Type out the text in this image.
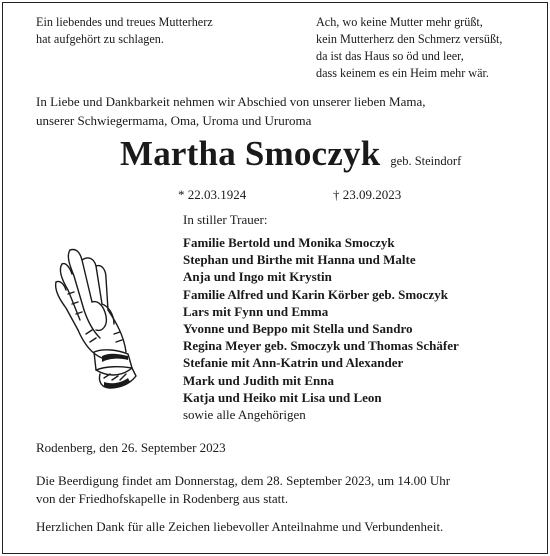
Ein liebendes und treues Mutterherz
hat aufgehört zu schlagen.
Ach, wo keine Mutter mehr grüßt,
kein Mutterherz den Schmerz versüßt,
da ist das Haus so öd und leer,
dass keinem es ein Heim mehr wär.
In Liebe und Dankbarkeit nehmen wir Abschied von unserer lieben Mama,
unserer Schwiegermama, Oma, Uroma und Ururoma
Martha Smoczyk geb. Steindorf
* 22.03.1924	† 23.09.2023
In stiller Trauer:
Familie Bertold und Monika Smoczyk
Stephan und Birthe mit Hanna und Malte
Anja und Ingo mit Krystin
Familie Alfred und Karin Körber geb. Smoczyk
Lars mit Fynn und Emma
Yvonne und Beppo mit Stella und Sandro
Regina Meyer geb. Smoczyk und Thomas Schäfer
Stefanie mit Ann-Katrin und Alexander
Mark und Judith mit Enna
Katja und Heiko mit Lisa und Leon
sowie alle Angehörigen
Rodenberg, den 26. September 2023
Die Beerdigung findet am Donnerstag, dem 28. September 2023, um 14.00 Uhr
von der Friedhofskapelle in Rodenberg aus statt.
Herzlichen Dank für alle Zeichen liebevoller Anteilnahme und Verbundenheit.
